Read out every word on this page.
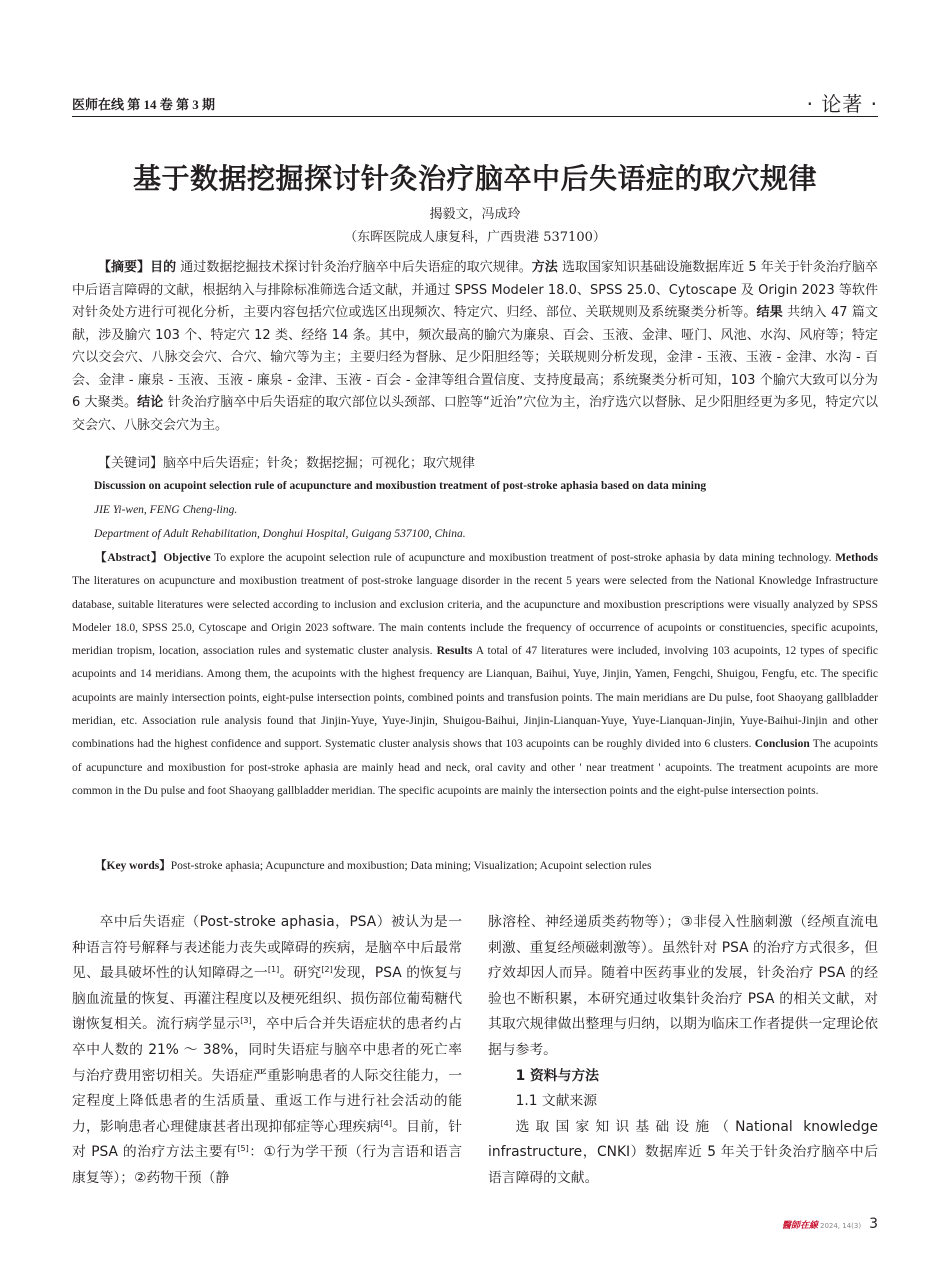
医师在线 第 14 卷 第 3 期	· 论著 ·
基于数据挖掘探讨针灸治疗脑卒中后失语症的取穴规律
揭毅文，冯成玲
（东晖医院成人康复科，广西贵港 537100）
【摘要】目的 通过数据挖掘技术探讨针灸治疗脑卒中后失语症的取穴规律。方法 选取国家知识基础设施数据库近 5 年关于针灸治疗脑卒中后语言障碍的文献，根据纳入与排除标准筛选合适文献，并通过 SPSS Modeler 18.0、SPSS 25.0、Cytoscape 及 Origin 2023 等软件对针灸处方进行可视化分析，主要内容包括穴位或选区出现频次、特定穴、归经、部位、关联规则及系统聚类分析等。结果 共纳入 47 篇文献，涉及腧穴 103 个、特定穴 12 类、经络 14 条。其中，频次最高的腧穴为廉泉、百会、玉液、金津、哑门、风池、水沟、风府等；特定穴以交会穴、八脉交会穴、合穴、输穴等为主；主要归经为督脉、足少阳胆经等；关联规则分析发现，金津 - 玉液、玉液 - 金津、水沟 - 百会、金津 - 廉泉 - 玉液、玉液 - 廉泉 - 金津、玉液 - 百会 - 金津等组合置信度、支持度最高；系统聚类分析可知，103 个腧穴大致可以分为 6 大聚类。结论 针灸治疗脑卒中后失语症的取穴部位以头颈部、口腔等“近治”穴位为主，治疗选穴以督脉、足少阳胆经更为多见，特定穴以交会穴、八脉交会穴为主。
【关键词】脑卒中后失语症；针灸；数据挖掘；可视化；取穴规律
Discussion on acupoint selection rule of acupuncture and moxibustion treatment of post-stroke aphasia based on data mining
JIE Yi-wen, FENG Cheng-ling.
Department of Adult Rehabilitation, Donghui Hospital, Guigang 537100, China.
【Abstract】Objective To explore the acupoint selection rule of acupuncture and moxibustion treatment of post-stroke aphasia by data mining technology. Methods The literatures on acupuncture and moxibustion treatment of post-stroke language disorder in the recent 5 years were selected from the National Knowledge Infrastructure database, suitable literatures were selected according to inclusion and exclusion criteria, and the acupuncture and moxibustion prescriptions were visually analyzed by SPSS Modeler 18.0, SPSS 25.0, Cytoscape and Origin 2023 software. The main contents include the frequency of occurrence of acupoints or constituencies, specific acupoints, meridian tropism, location, association rules and systematic cluster analysis. Results A total of 47 literatures were included, involving 103 acupoints, 12 types of specific acupoints and 14 meridians. Among them, the acupoints with the highest frequency are Lianquan, Baihui, Yuye, Jinjin, Yamen, Fengchi, Shuigou, Fengfu, etc. The specific acupoints are mainly intersection points, eight-pulse intersection points, combined points and transfusion points. The main meridians are Du pulse, foot Shaoyang gallbladder meridian, etc. Association rule analysis found that Jinjin-Yuye, Yuye-Jinjin, Shuigou-Baihui, Jinjin-Lianquan-Yuye, Yuye-Lianquan-Jinjin, Yuye-Baihui-Jinjin and other combinations had the highest confidence and support. Systematic cluster analysis shows that 103 acupoints can be roughly divided into 6 clusters. Conclusion The acupoints of acupuncture and moxibustion for post-stroke aphasia are mainly head and neck, oral cavity and other ' near treatment ' acupoints. The treatment acupoints are more common in the Du pulse and foot Shaoyang gallbladder meridian. The specific acupoints are mainly the intersection points and the eight-pulse intersection points.
【Key words】Post-stroke aphasia; Acupuncture and moxibustion; Data mining; Visualization; Acupoint selection rules

卒中后失语症（Post-stroke aphasia，PSA）被认为是一种语言符号解释与表述能力丧失或障碍的疾病，是脑卒中后最常见、最具破坏性的认知障碍之一[1]。研究[2]发现，PSA 的恢复与脑血流量的恢复、再灌注程度以及梗死组织、损伤部位葡萄糖代谢恢复相关。流行病学显示[3]，卒中后合并失语症状的患者约占卒中人数的 21% ～ 38%，同时失语症与脑卒中患者的死亡率与治疗费用密切相关。失语症严重影响患者的人际交往能力，一定程度上降低患者的生活质量、重返工作与进行社会活动的能力，影响患者心理健康甚者出现抑郁症等心理疾病[4]。目前，针对 PSA 的治疗方法主要有[5]：①行为学干预（行为言语和语言康复等）；②药物干预（静

脉溶栓、神经递质类药物等）；③非侵入性脑刺激（经颅直流电刺激、重复经颅磁刺激等）。虽然针对 PSA 的治疗方式很多，但疗效却因人而异。随着中医药事业的发展，针灸治疗 PSA 的经验也不断积累，本研究通过收集针灸治疗 PSA 的相关文献，对其取穴规律做出整理与归纳，以期为临床工作者提供一定理论依据与参考。

1 资料与方法

1.1 文献来源

选取国家知识基础设施（National knowledge infrastructure，CNKI）数据库近 5 年关于针灸治疗脑卒中后语言障碍的文献。

醫師在線 2024, 14(3) 3
